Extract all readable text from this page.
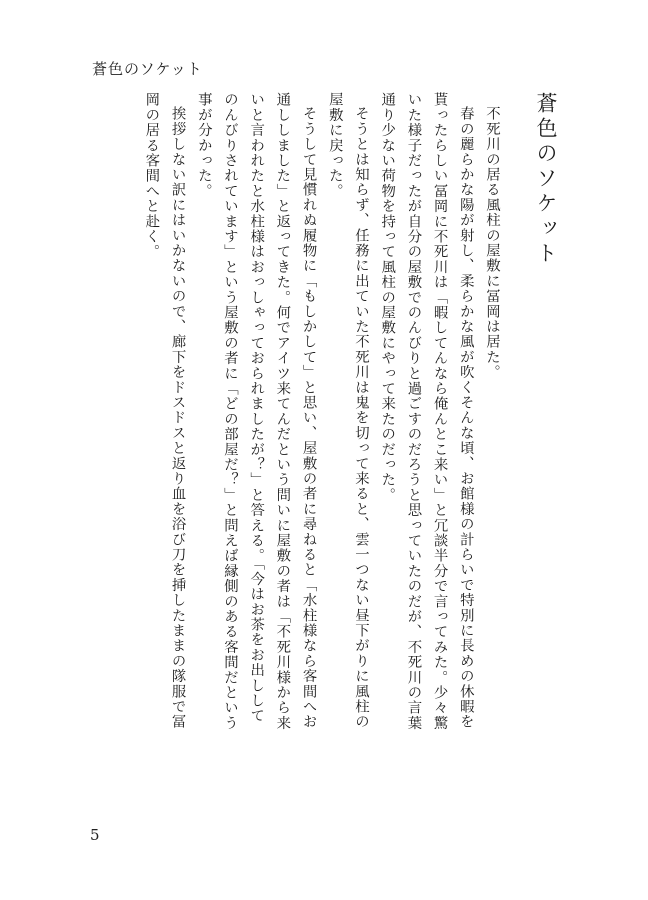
蒼色のソケット
蒼色のソケット

不死川の居る風柱の屋敷に冨岡は居た。

春の麗らかな陽が射し、柔らかな風が吹くそんな頃、お館様の計らいで特別に長めの休暇を貰ったらしい冨岡に不死川は「暇してんなら俺んとこ来い」と冗談半分で言ってみた。少々驚いた様子だったが自分の屋敷でのんびりと過ごすのだろうと思っていたのだが、不死川の言葉通り少ない荷物を持って風柱の屋敷にやって来たのだった。

そうとは知らず、任務に出ていた不死川は鬼を切って来ると、雲一つない昼下がりに風柱の屋敷に戻った。

そうして見慣れぬ履物に「もしかして」と思い、屋敷の者に尋ねると「水柱様なら客間へお通ししました」と返ってきた。何でアイツ来てんだという問いに屋敷の者は「不死川様から来いと言われたと水柱様はおっしゃっておられましたが？」と答える。「今はお茶をお出ししてのんびりされています」という屋敷の者に「どの部屋だ？」と問えば縁側のある客間だという事が分かった。

挨拶しない訳にはいかないので、廊下をドスドスと返り血を浴び刀を挿したままの隊服で冨岡の居る客間へと赴く。

5
